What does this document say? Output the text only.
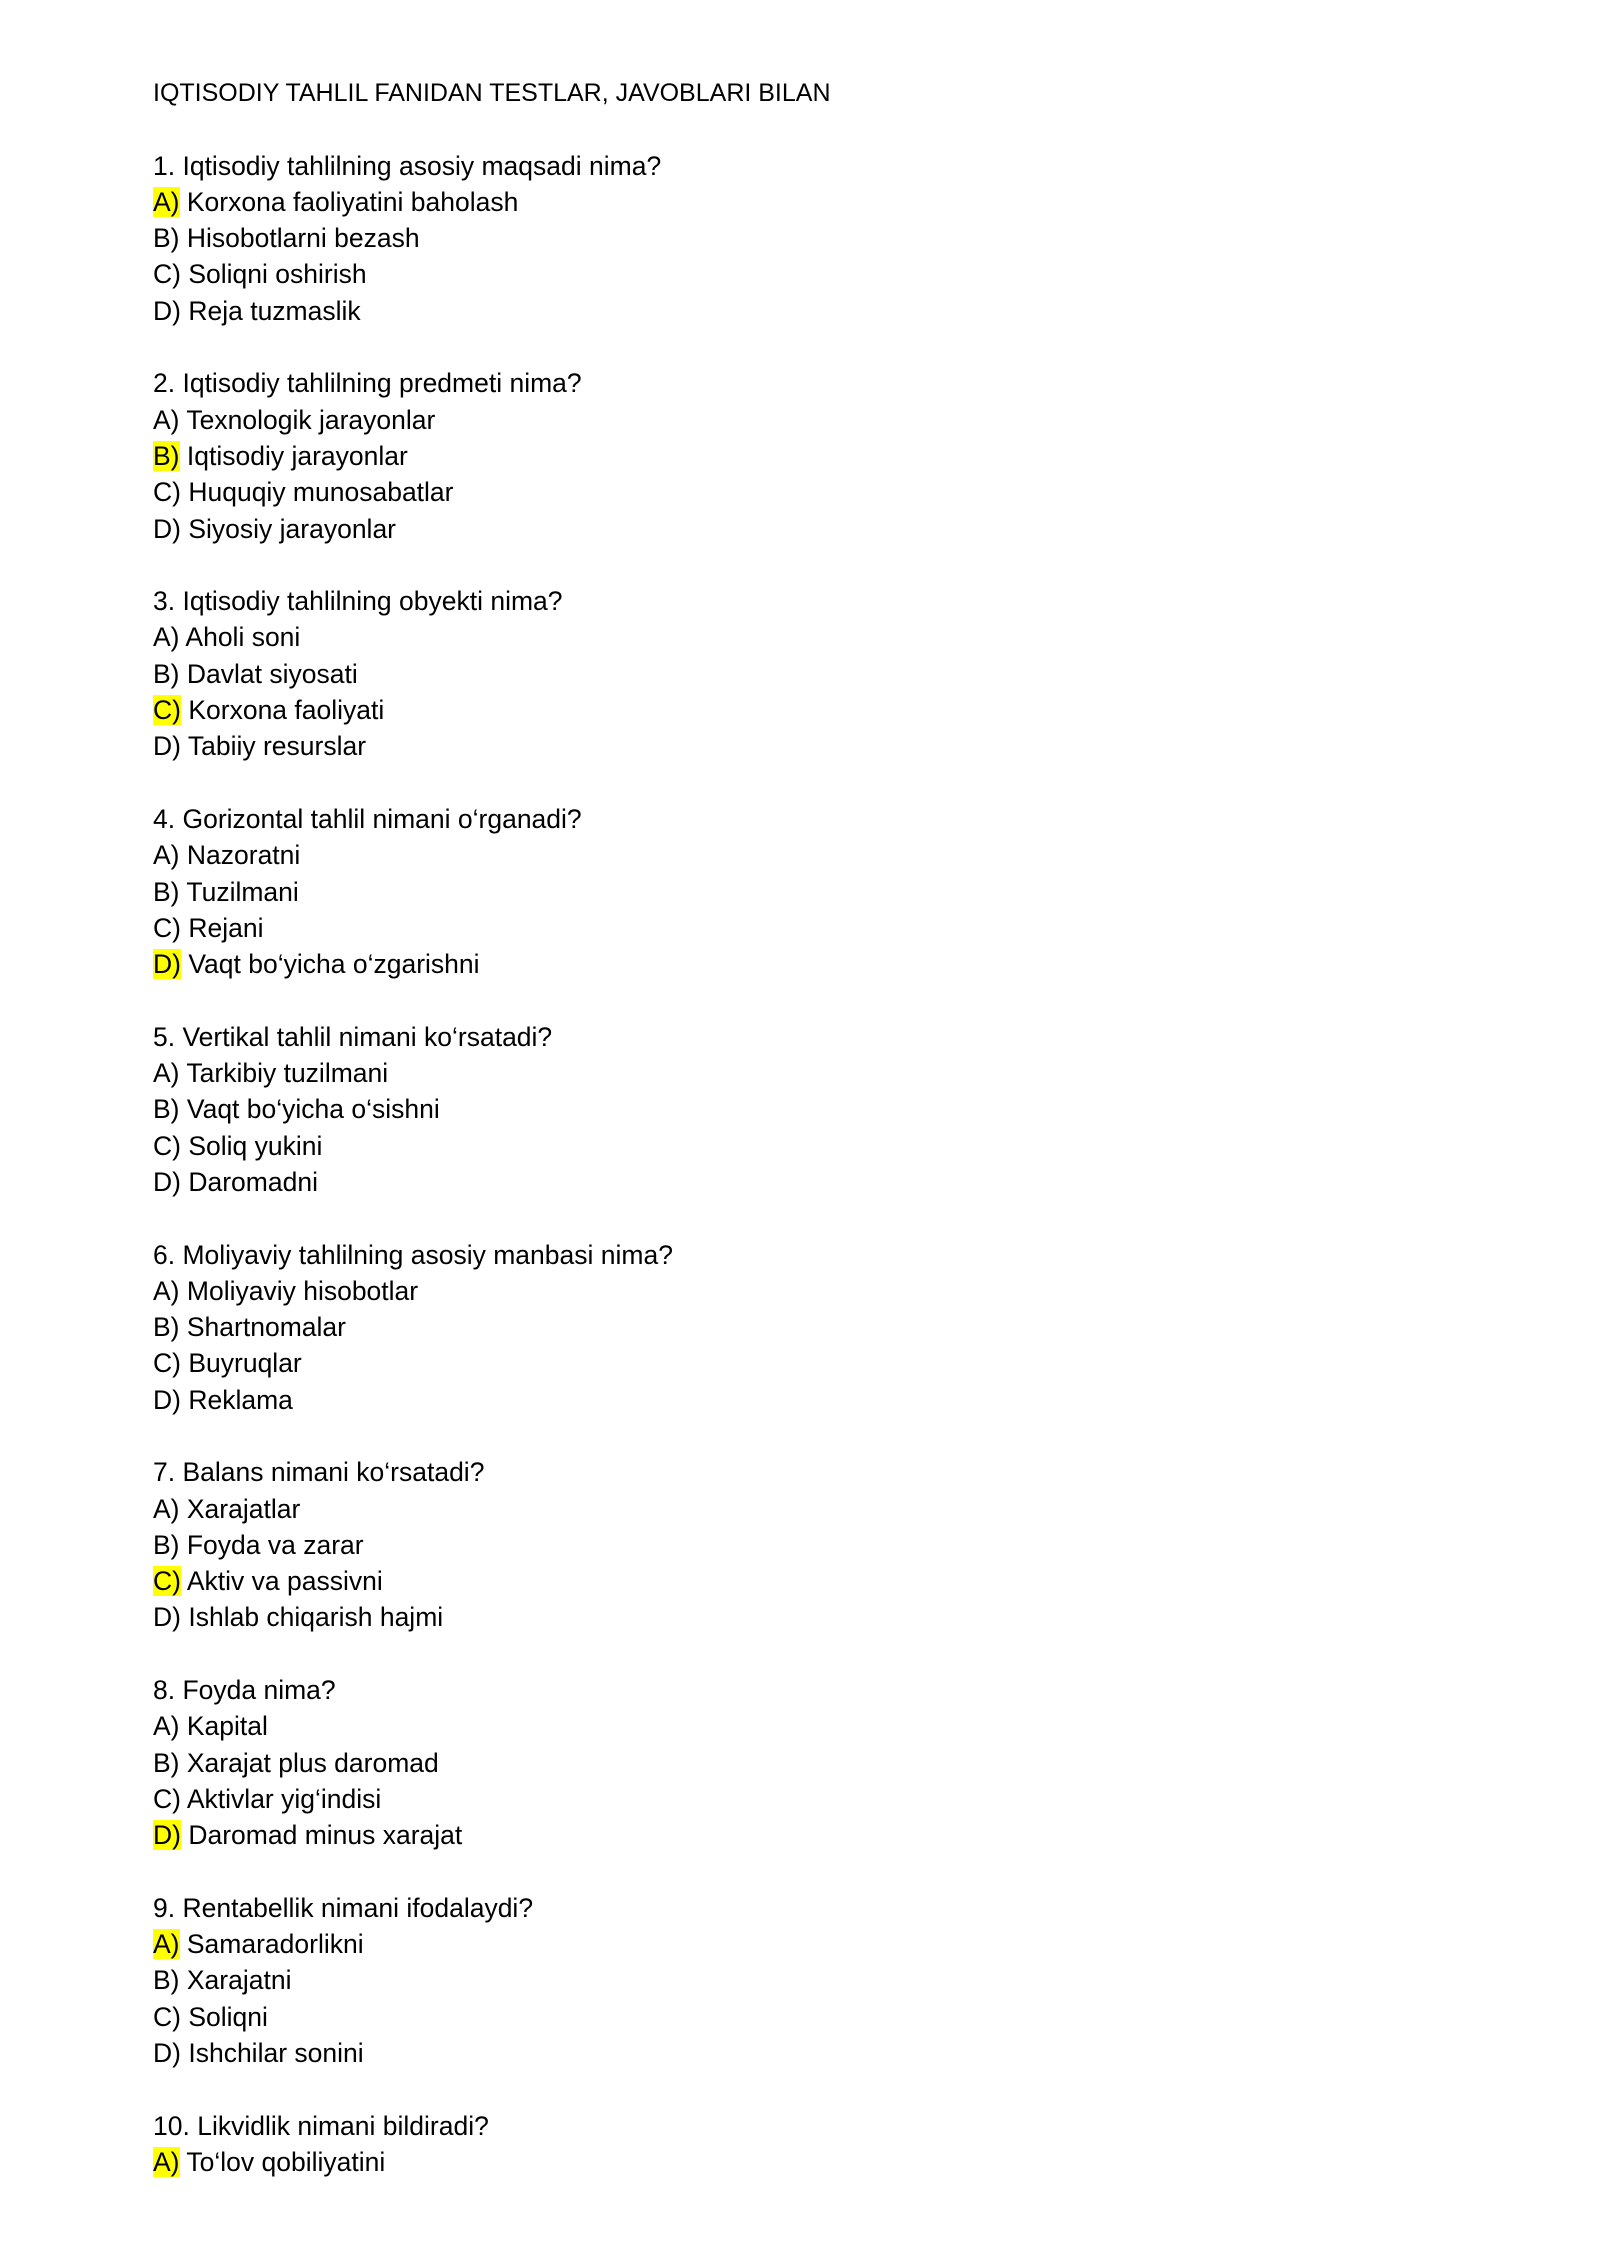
IQTISODIY TAHLIL FANIDAN TESTLAR, JAVOBLARI BILAN
1. Iqtisodiy tahlilning asosiy maqsadi nima?
A) Korxona faoliyatini baholash
B) Hisobotlarni bezash
C) Soliqni oshirish
D) Reja tuzmaslik
2. Iqtisodiy tahlilning predmeti nima?
A) Texnologik jarayonlar
B) Iqtisodiy jarayonlar
C) Huquqiy munosabatlar
D) Siyosiy jarayonlar
3. Iqtisodiy tahlilning obyekti nima?
A) Aholi soni
B) Davlat siyosati
C) Korxona faoliyati
D) Tabiiy resurslar
4. Gorizontal tahlil nimani o‘rganadi?
A) Nazoratni
B) Tuzilmani
C) Rejani
D) Vaqt bo‘yicha o‘zgarishni
5. Vertikal tahlil nimani ko‘rsatadi?
A) Tarkibiy tuzilmani
B) Vaqt bo‘yicha o‘sishni
C) Soliq yukini
D) Daromadni
6. Moliyaviy tahlilning asosiy manbasi nima?
A) Moliyaviy hisobotlar
B) Shartnomalar
C) Buyruqlar
D) Reklama
7. Balans nimani ko‘rsatadi?
A) Xarajatlar
B) Foyda va zarar
C) Aktiv va passivni
D) Ishlab chiqarish hajmi
8. Foyda nima?
A) Kapital
B) Xarajat plus daromad
C) Aktivlar yig‘indisi
D) Daromad minus xarajat
9. Rentabellik nimani ifodalaydi?
A) Samaradorlikni
B) Xarajatni
C) Soliqni
D) Ishchilar sonini
10. Likvidlik nimani bildiradi?
A) To‘lov qobiliyatini
